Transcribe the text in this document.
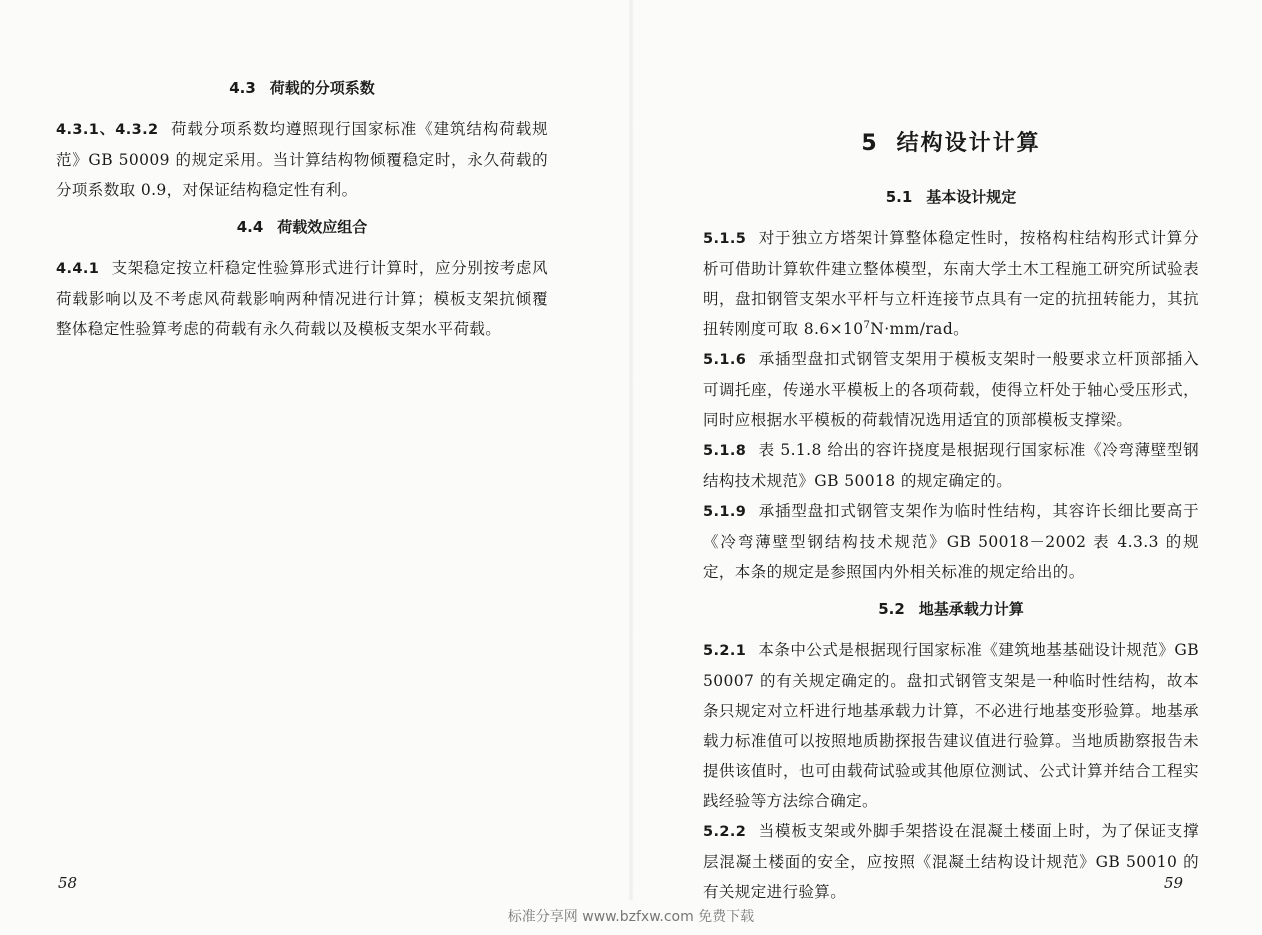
4.3 荷载的分项系数

4.3.1、4.3.2 荷载分项系数均遵照现行国家标准《建筑结构荷载规范》GB 50009 的规定采用。当计算结构物倾覆稳定时，永久荷载的分项系数取 0.9，对保证结构稳定性有利。

4.4 荷载效应组合

4.4.1 支架稳定按立杆稳定性验算形式进行计算时，应分别按考虑风荷载影响以及不考虑风荷载影响两种情况进行计算；模板支架抗倾覆整体稳定性验算考虑的荷载有永久荷载以及模板支架水平荷载。

58
5 结构设计计算
5.1 基本设计规定

5.1.5 对于独立方塔架计算整体稳定性时，按格构柱结构形式计算分析可借助计算软件建立整体模型，东南大学土木工程施工研究所试验表明，盘扣钢管支架水平杆与立杆连接节点具有一定的抗扭转能力，其抗扭转刚度可取 $8.6\times 10^7N\cdot mm$/rad。

5.1.6 承插型盘扣式钢管支架用于模板支架时一般要求立杆顶部插入可调托座，传递水平模板上的各项荷载，使得立杆处于轴心受压形式，同时应根据水平模板的荷载情况选用适宜的顶部模板支撑梁。

5.1.8 表 5.1.8 给出的容许挠度是根据现行国家标准《冷弯薄壁型钢结构技术规范》GB 50018 的规定确定的。

5.1.9 承插型盘扣式钢管支架作为临时性结构，其容许长细比要高于《冷弯薄壁型钢结构技术规范》GB 50018－2002 表 4.3.3 的规定，本条的规定是参照国内外相关标准的规定给出的。

5.2 地基承载力计算

5.2.1 本条中公式是根据现行国家标准《建筑地基基础设计规范》GB 50007 的有关规定确定的。盘扣式钢管支架是一种临时性结构，故本条只规定对立杆进行地基承载力计算，不必进行地基变形验算。地基承载力标准值可以按照地质勘探报告建议值进行验算。当地质勘察报告未提供该值时，也可由载荷试验或其他原位测试、公式计算并结合工程实践经验等方法综合确定。

5.2.2 当模板支架或外脚手架搭设在混凝土楼面上时，为了保证支撑层混凝土楼面的安全，应按照《混凝土结构设计规范》GB 50010 的有关规定进行验算。	59
标准分享网 www.bzfxw.com 免费下载
